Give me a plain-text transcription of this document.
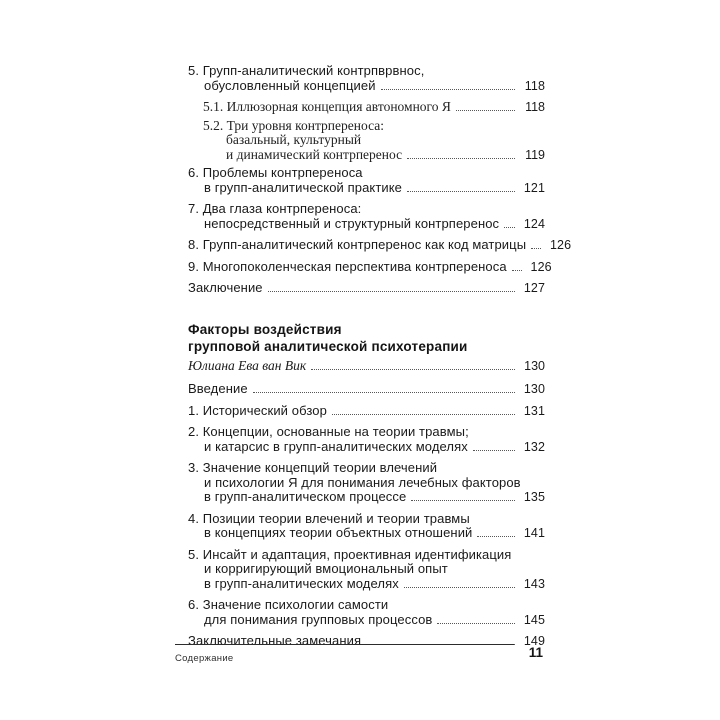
5. Групп-аналитический контрпврвнос,
обусловленный концепцией	118
5.1. Иллюзорная концепция автономного Я	118
5.2. Три уровня контрпереноса:
базальный, культурный
и динамический контрперенос	119
6. Проблемы контрпереноса
в групп-аналитической практике	121
7. Два глаза контрпереноса:
непосредственный и структурный контрперенос 124
8. Групп-аналитический контрперенос как код матрицы 126
9. Многопоколенческая перспектива контрпереноса 126
Заключение	127
Факторы воздействия
групповой аналитической психотерапии
Юлиана Ева ван Вик	130
Введение	130
1. Исторический обзор	131
2. Концепции, основанные на теории травмы;
и катарсис в групп-аналитических моделях	132
3. Значение концепций теории влечений
и психологии Я для понимания лечебных факторов
в групп-аналитическом процессе	135
4. Позиции теории влечений и теории травмы
в концепциях теории объектных отношений	141
5. Инсайт и адаптация, проективная идентификация
и корригирующий вмоциональный опыт
в групп-аналитических моделях	143
6. Значение психологии самости
для понимания групповых процессов	145
Заключительные замечания	149
Содержание	11
